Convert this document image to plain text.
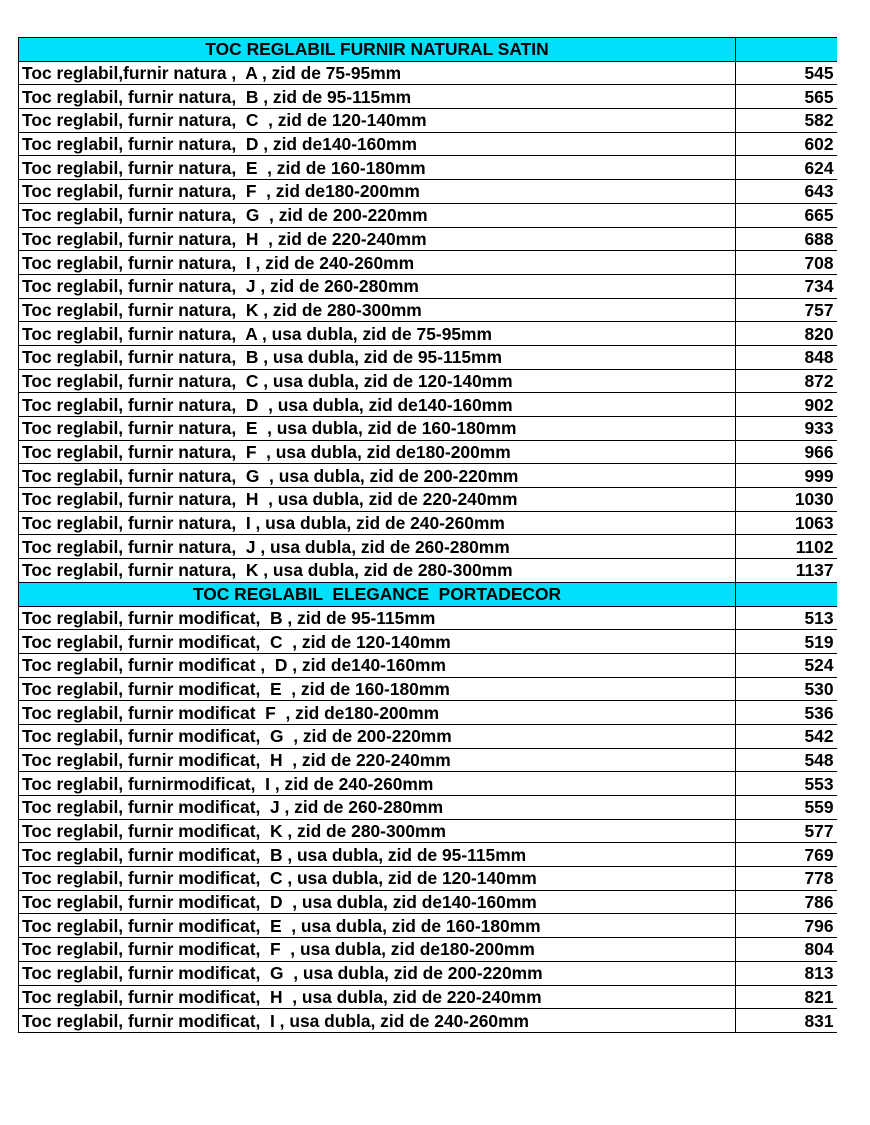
TOC REGLABIL FURNIR NATURAL SATIN	
Toc reglabil,furnir natura ,  A , zid de 75-95mm	545
Toc reglabil, furnir natura,  B , zid de 95-115mm	565
Toc reglabil, furnir natura,  C  , zid de 120-140mm	582
Toc reglabil, furnir natura,  D , zid de140-160mm	602
Toc reglabil, furnir natura,  E  , zid de 160-180mm	624
Toc reglabil, furnir natura,  F  , zid de180-200mm	643
Toc reglabil, furnir natura,  G  , zid de 200-220mm	665
Toc reglabil, furnir natura,  H  , zid de 220-240mm	688
Toc reglabil, furnir natura,  I , zid de 240-260mm	708
Toc reglabil, furnir natura,  J , zid de 260-280mm	734
Toc reglabil, furnir natura,  K , zid de 280-300mm	757
Toc reglabil, furnir natura,  A , usa dubla, zid de 75-95mm	820
Toc reglabil, furnir natura,  B , usa dubla, zid de 95-115mm	848
Toc reglabil, furnir natura,  C , usa dubla, zid de 120-140mm	872
Toc reglabil, furnir natura,  D  , usa dubla, zid de140-160mm	902
Toc reglabil, furnir natura,  E  , usa dubla, zid de 160-180mm	933
Toc reglabil, furnir natura,  F  , usa dubla, zid de180-200mm	966
Toc reglabil, furnir natura,  G  , usa dubla, zid de 200-220mm	999
Toc reglabil, furnir natura,  H  , usa dubla, zid de 220-240mm	1030
Toc reglabil, furnir natura,  I , usa dubla, zid de 240-260mm	1063
Toc reglabil, furnir natura,  J , usa dubla, zid de 260-280mm	1102
Toc reglabil, furnir natura,  K , usa dubla, zid de 280-300mm	1137
TOC REGLABIL  ELEGANCE  PORTADECOR	
Toc reglabil, furnir modificat,  B , zid de 95-115mm	513
Toc reglabil, furnir modificat,  C  , zid de 120-140mm	519
Toc reglabil, furnir modificat ,  D , zid de140-160mm	524
Toc reglabil, furnir modificat,  E  , zid de 160-180mm	530
Toc reglabil, furnir modificat  F  , zid de180-200mm	536
Toc reglabil, furnir modificat,  G  , zid de 200-220mm	542
Toc reglabil, furnir modificat,  H  , zid de 220-240mm	548
Toc reglabil, furnirmodificat,  I , zid de 240-260mm	553
Toc reglabil, furnir modificat,  J , zid de 260-280mm	559
Toc reglabil, furnir modificat,  K , zid de 280-300mm	577
Toc reglabil, furnir modificat,  B , usa dubla, zid de 95-115mm	769
Toc reglabil, furnir modificat,  C , usa dubla, zid de 120-140mm	778
Toc reglabil, furnir modificat,  D  , usa dubla, zid de140-160mm	786
Toc reglabil, furnir modificat,  E  , usa dubla, zid de 160-180mm	796
Toc reglabil, furnir modificat,  F  , usa dubla, zid de180-200mm	804
Toc reglabil, furnir modificat,  G  , usa dubla, zid de 200-220mm	813
Toc reglabil, furnir modificat,  H  , usa dubla, zid de 220-240mm	821
Toc reglabil, furnir modificat,  I , usa dubla, zid de 240-260mm	831
